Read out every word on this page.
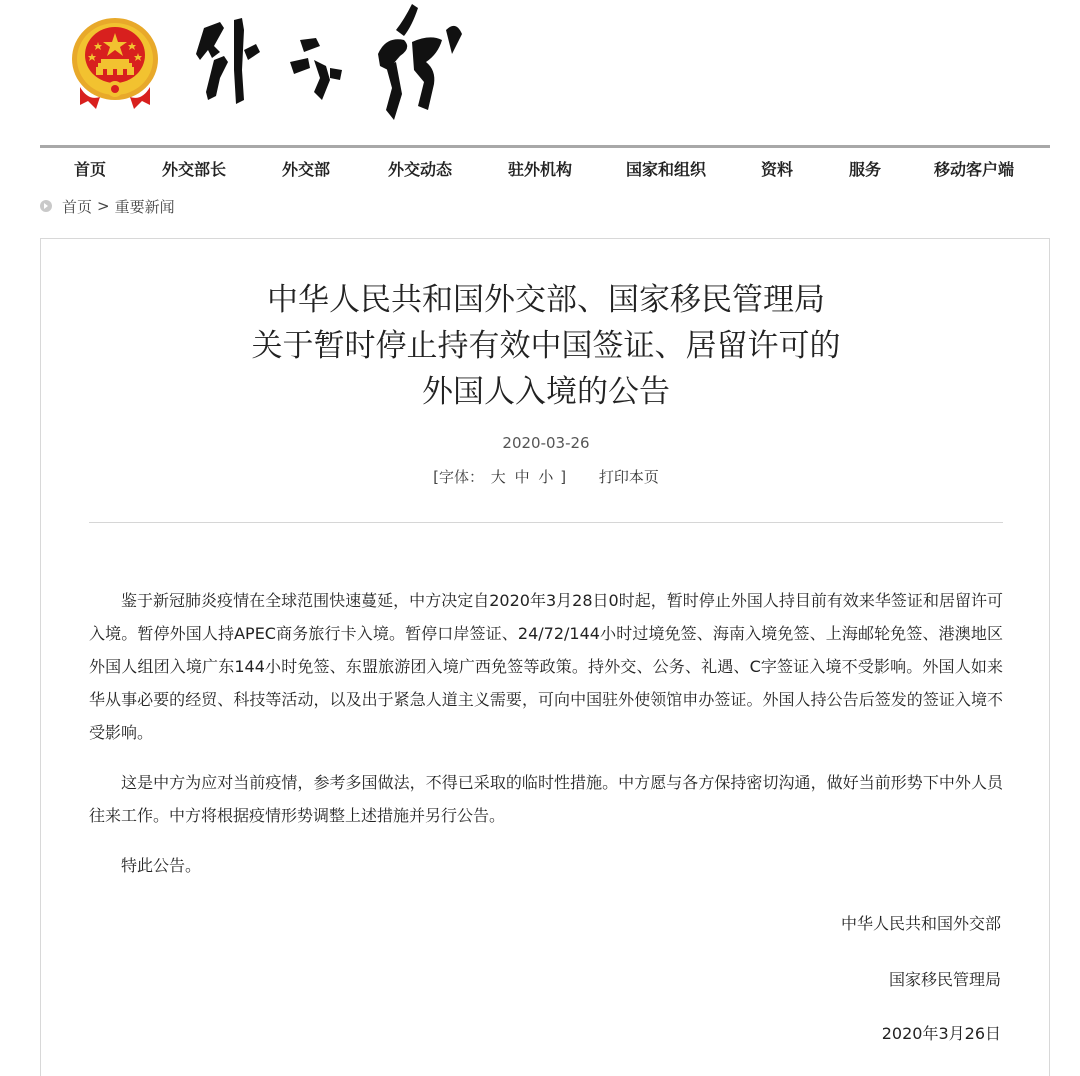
首页	外交部长	外交部	外交动态	驻外机构	国家和组织	资料	服务	移动客户端
首页 > 重要新闻
中华人民共和国外交部、国家移民管理局
关于暂时停止持有效中国签证、居留许可的
外国人入境的公告
2020-03-26
[字体： 大 中 小 ] 打印本页

鉴于新冠肺炎疫情在全球范围快速蔓延，中方决定自2020年3月28日0时起，暂时停止外国人持目前有效来华签证和居留许可入境。暂停外国人持APEC商务旅行卡入境。暂停口岸签证、24/72/144小时过境免签、海南入境免签、上海邮轮免签、港澳地区外国人组团入境广东144小时免签、东盟旅游团入境广西免签等政策。持外交、公务、礼遇、C字签证入境不受影响。外国人如来华从事必要的经贸、科技等活动，以及出于紧急人道主义需要，可向中国驻外使领馆申办签证。外国人持公告后签发的签证入境不受影响。

这是中方为应对当前疫情，参考多国做法，不得已采取的临时性措施。中方愿与各方保持密切沟通，做好当前形势下中外人员往来工作。中方将根据疫情形势调整上述措施并另行公告。

特此公告。

中华人民共和国外交部
国家移民管理局
2020年3月26日
